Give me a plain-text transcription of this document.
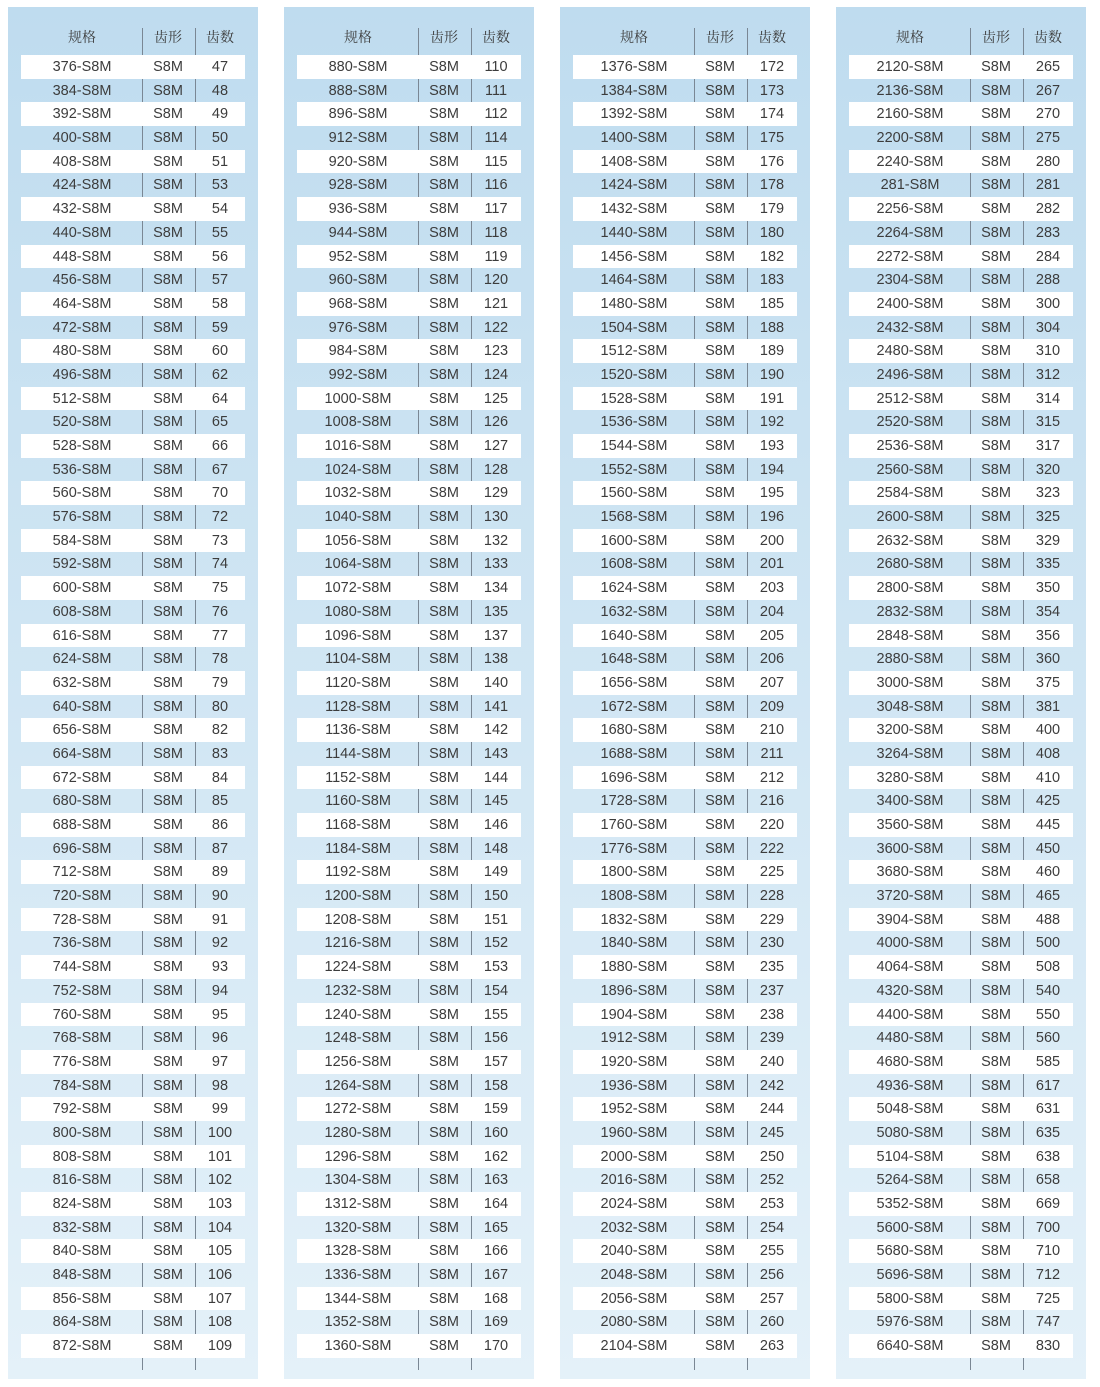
规格	齿形 齿数
376-S8M	S8M 47
384-S8M	S8M 48
392-S8M	S8M 49
400-S8M	S8M 50
408-S8M	S8M 51
424-S8M	S8M 53
432-S8M	S8M 54
440-S8M	S8M 55
448-S8M	S8M 56
456-S8M	S8M 57
464-S8M	S8M 58
472-S8M	S8M 59
480-S8M	S8M 60
496-S8M	S8M 62
512-S8M	S8M 64
520-S8M	S8M 65
528-S8M	S8M 66
536-S8M	S8M 67
560-S8M	S8M 70
576-S8M	S8M 72
584-S8M	S8M 73
592-S8M	S8M 74
600-S8M	S8M 75
608-S8M	S8M 76
616-S8M	S8M 77
624-S8M	S8M 78
632-S8M	S8M 79
640-S8M	S8M 80
656-S8M	S8M 82
664-S8M	S8M 83
672-S8M	S8M 84
680-S8M	S8M 85
688-S8M	S8M 86
696-S8M	S8M 87
712-S8M	S8M 89
720-S8M	S8M 90
728-S8M	S8M 91
736-S8M	S8M 92
744-S8M	S8M 93
752-S8M	S8M 94
760-S8M	S8M 95
768-S8M	S8M 96
776-S8M	S8M 97
784-S8M	S8M 98
792-S8M	S8M 99
800-S8M	S8M 100
808-S8M	S8M 101
816-S8M	S8M 102
824-S8M	S8M 103
832-S8M	S8M 104
840-S8M	S8M 105
848-S8M	S8M 106
856-S8M	S8M 107
864-S8M	S8M 108
872-S8M	S8M 109
规格	齿形 齿数
880-S8M	S8M 110
888-S8M	S8M 111
896-S8M	S8M 112
912-S8M	S8M 114
920-S8M	S8M 115
928-S8M	S8M 116
936-S8M	S8M 117
944-S8M	S8M 118
952-S8M	S8M 119
960-S8M	S8M 120
968-S8M	S8M 121
976-S8M	S8M 122
984-S8M	S8M 123
992-S8M	S8M 124
1000-S8M	S8M 125
1008-S8M	S8M 126
1016-S8M	S8M 127
1024-S8M	S8M 128
1032-S8M	S8M 129
1040-S8M	S8M 130
1056-S8M	S8M 132
1064-S8M	S8M 133
1072-S8M	S8M 134
1080-S8M	S8M 135
1096-S8M	S8M 137
1104-S8M	S8M 138
1120-S8M	S8M 140
1128-S8M	S8M 141
1136-S8M	S8M 142
1144-S8M	S8M 143
1152-S8M	S8M 144
1160-S8M	S8M 145
1168-S8M	S8M 146
1184-S8M	S8M 148
1192-S8M	S8M 149
1200-S8M	S8M 150
1208-S8M	S8M 151
1216-S8M	S8M 152
1224-S8M	S8M 153
1232-S8M	S8M 154
1240-S8M	S8M 155
1248-S8M	S8M 156
1256-S8M	S8M 157
1264-S8M	S8M 158
1272-S8M	S8M 159
1280-S8M	S8M 160
1296-S8M	S8M 162
1304-S8M	S8M 163
1312-S8M	S8M 164
1320-S8M	S8M 165
1328-S8M	S8M 166
1336-S8M	S8M 167
1344-S8M	S8M 168
1352-S8M	S8M 169
1360-S8M	S8M 170
规格	齿形 齿数
1376-S8M	S8M 172
1384-S8M	S8M 173
1392-S8M	S8M 174
1400-S8M	S8M 175
1408-S8M	S8M 176
1424-S8M	S8M 178
1432-S8M	S8M 179
1440-S8M	S8M 180
1456-S8M	S8M 182
1464-S8M	S8M 183
1480-S8M	S8M 185
1504-S8M	S8M 188
1512-S8M	S8M 189
1520-S8M	S8M 190
1528-S8M	S8M 191
1536-S8M	S8M 192
1544-S8M	S8M 193
1552-S8M	S8M 194
1560-S8M	S8M 195
1568-S8M	S8M 196
1600-S8M	S8M 200
1608-S8M	S8M 201
1624-S8M	S8M 203
1632-S8M	S8M 204
1640-S8M	S8M 205
1648-S8M	S8M 206
1656-S8M	S8M 207
1672-S8M	S8M 209
1680-S8M	S8M 210
1688-S8M	S8M 211
1696-S8M	S8M 212
1728-S8M	S8M 216
1760-S8M	S8M 220
1776-S8M	S8M 222
1800-S8M	S8M 225
1808-S8M	S8M 228
1832-S8M	S8M 229
1840-S8M	S8M 230
1880-S8M	S8M 235
1896-S8M	S8M 237
1904-S8M	S8M 238
1912-S8M	S8M 239
1920-S8M	S8M 240
1936-S8M	S8M 242
1952-S8M	S8M 244
1960-S8M	S8M 245
2000-S8M	S8M 250
2016-S8M	S8M 252
2024-S8M	S8M 253
2032-S8M	S8M 254
2040-S8M	S8M 255
2048-S8M	S8M 256
2056-S8M	S8M 257
2080-S8M	S8M 260
2104-S8M	S8M 263
规格	齿形 齿数
2120-S8M	S8M 265
2136-S8M	S8M 267
2160-S8M	S8M 270
2200-S8M	S8M 275
2240-S8M	S8M 280
281-S8M	S8M 281
2256-S8M	S8M 282
2264-S8M	S8M 283
2272-S8M	S8M 284
2304-S8M	S8M 288
2400-S8M	S8M 300
2432-S8M	S8M 304
2480-S8M	S8M 310
2496-S8M	S8M 312
2512-S8M	S8M 314
2520-S8M	S8M 315
2536-S8M	S8M 317
2560-S8M	S8M 320
2584-S8M	S8M 323
2600-S8M	S8M 325
2632-S8M	S8M 329
2680-S8M	S8M 335
2800-S8M	S8M 350
2832-S8M	S8M 354
2848-S8M	S8M 356
2880-S8M	S8M 360
3000-S8M	S8M 375
3048-S8M	S8M 381
3200-S8M	S8M 400
3264-S8M	S8M 408
3280-S8M	S8M 410
3400-S8M	S8M 425
3560-S8M	S8M 445
3600-S8M	S8M 450
3680-S8M	S8M 460
3720-S8M	S8M 465
3904-S8M	S8M 488
4000-S8M	S8M 500
4064-S8M	S8M 508
4320-S8M	S8M 540
4400-S8M	S8M 550
4480-S8M	S8M 560
4680-S8M	S8M 585
4936-S8M	S8M 617
5048-S8M	S8M 631
5080-S8M	S8M 635
5104-S8M	S8M 638
5264-S8M	S8M 658
5352-S8M	S8M 669
5600-S8M	S8M 700
5680-S8M	S8M 710
5696-S8M	S8M 712
5800-S8M	S8M 725
5976-S8M	S8M 747
6640-S8M	S8M 830
